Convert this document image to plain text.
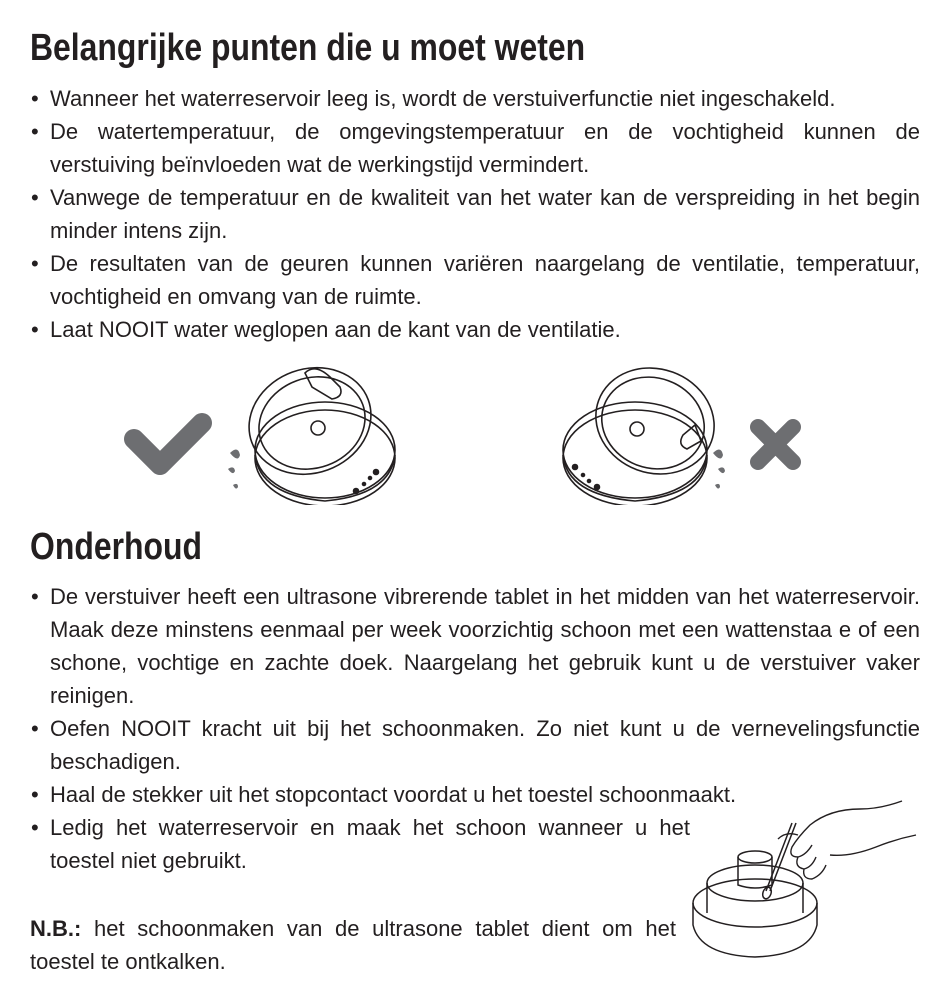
Belangrijke punten die u moet weten
• Wanneer het waterreservoir leeg is, wordt de verstuiverfunctie niet ingeschakeld.
• De watertemperatuur, de omgevingstemperatuur en de vochtigheid kunnen de verstuiving beïnvloeden wat de werkingstijd vermindert.
• Vanwege de temperatuur en de kwaliteit van het water kan de verspreiding in het begin minder intens zijn.
• De resultaten van de geuren kunnen variëren naargelang de ventilatie, temperatuur, vochtigheid en omvang van de ruimte.
• Laat NOOIT water weglopen aan de kant van de ventilatie.
Onderhoud
• De verstuiver heeft een ultrasone vibrerende tablet in het midden van het waterreservoir. Maak deze minstens eenmaal per week voorzichtig schoon met een wattenstaa e of een schone, vochtige en zachte doek. Naargelang het gebruik kunt u de verstuiver vaker reinigen.
• Oefen NOOIT kracht uit bij het schoonmaken. Zo niet kunt u de vernevelingsfunctie beschadigen.
• Haal de stekker uit het stopcontact voordat u het toestel schoonmaakt.
• Ledig het waterreservoir en maak het schoon wanneer u het toestel niet gebruikt.

N.B.: het schoonmaken van de ultrasone tablet dient om het toestel te ontkalken.
